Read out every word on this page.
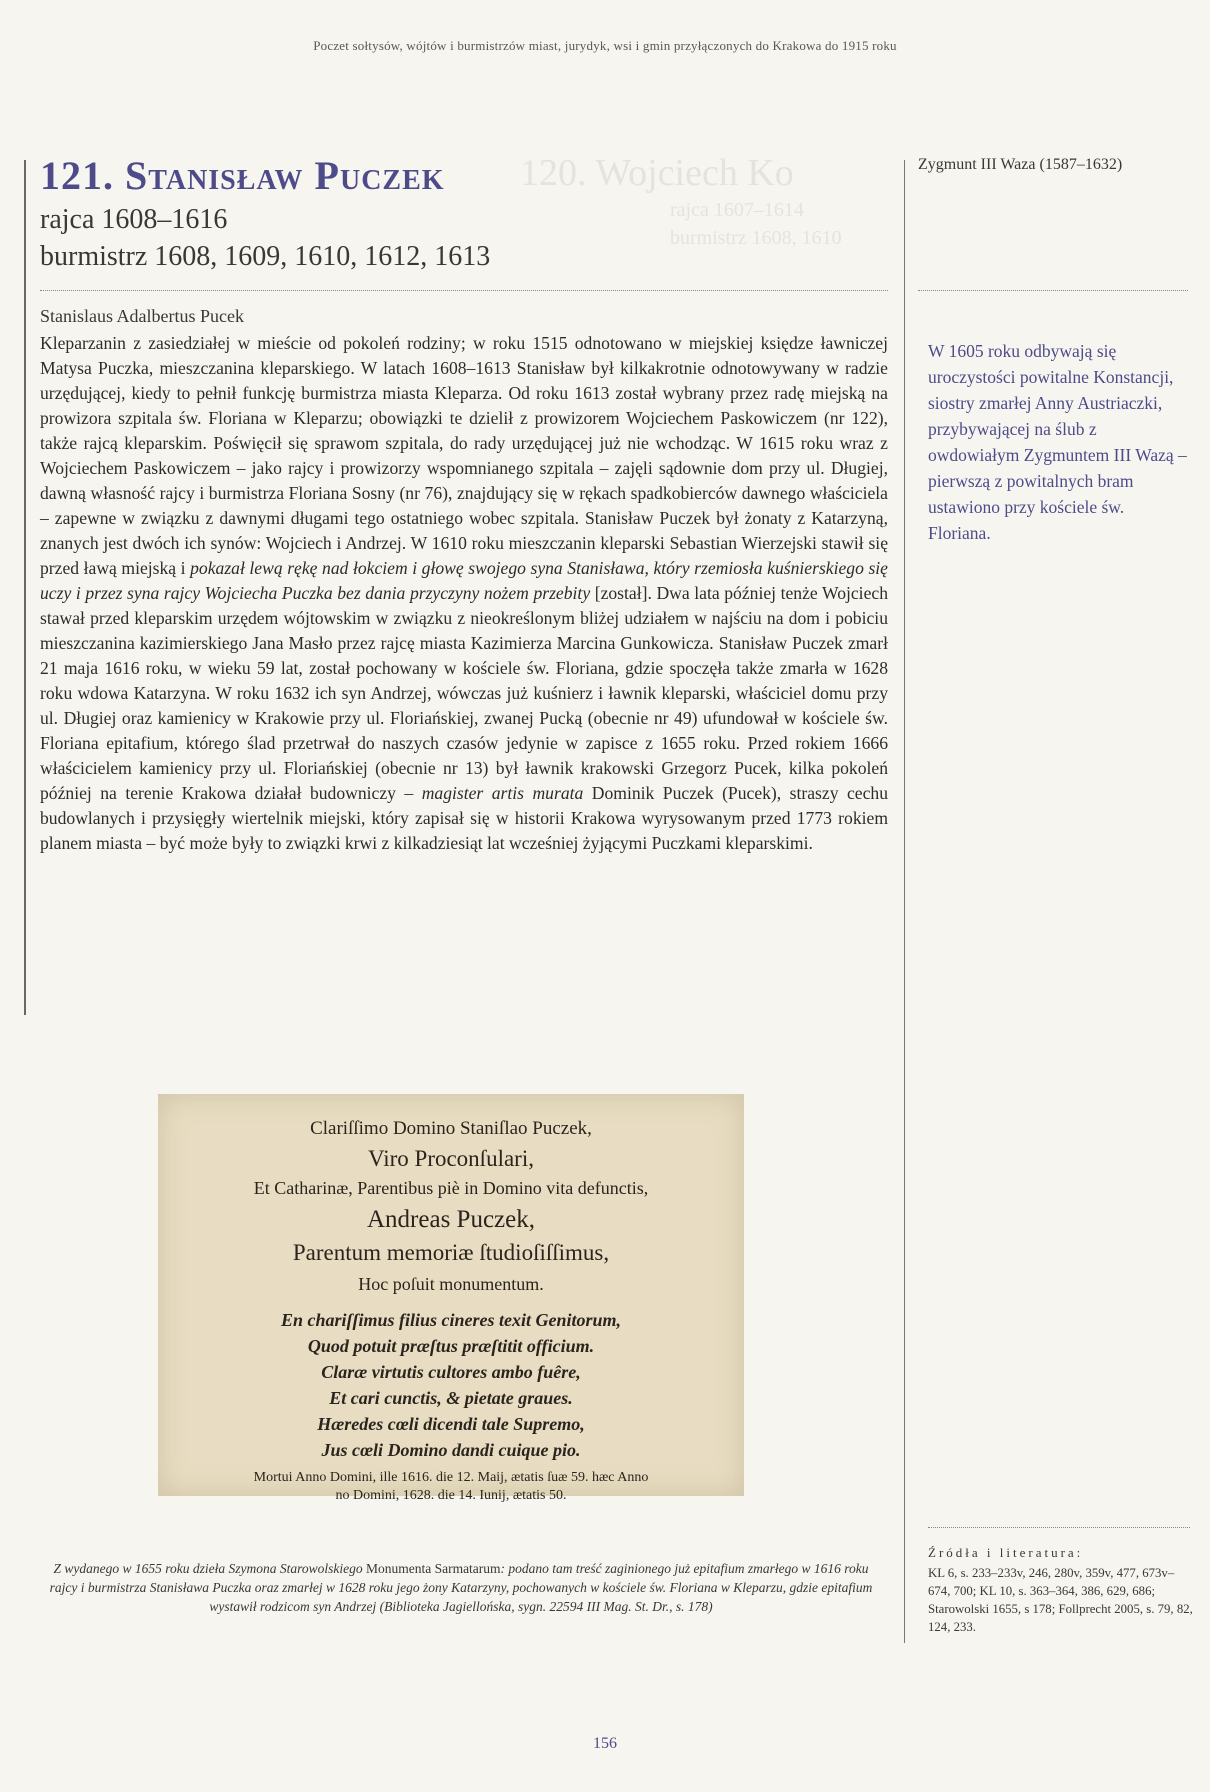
Poczet sołtysów, wójtów i burmistrzów miast, jurydyk, wsi i gmin przyłączonych do Krakowa do 1915 roku
120. Wojciech Ko
rajca 1607–1614
burmistrz 1608, 1610
121. Stanisław Puczek
rajca 1608–1616
burmistrz 1608, 1609, 1610, 1612, 1613
Stanislaus Adalbertus Pucek

Kleparzanin z zasiedziałej w mieście od pokoleń rodziny; w roku 1515 odnotowano w miejskiej księdze ławniczej Matysa Puczka, mieszczanina kleparskiego. W latach 1608–1613 Stanisław był kilkakrotnie odnotowywany w radzie urzędującej, kiedy to pełnił funkcję burmistrza miasta Kleparza. Od roku 1613 został wybrany przez radę miejską na prowizora szpitala św. Floriana w Kleparzu; obowiązki te dzielił z prowizorem Wojciechem Paskowiczem (nr 122), także rajcą kleparskim. Poświęcił się sprawom szpitala, do rady urzędującej już nie wchodząc. W 1615 roku wraz z Wojciechem Paskowiczem – jako rajcy i prowizorzy wspomnianego szpitala – zajęli sądownie dom przy ul. Długiej, dawną własność rajcy i burmistrza Floriana Sosny (nr 76), znajdujący się w rękach spadkobierców dawnego właściciela – zapewne w związku z dawnymi długami tego ostatniego wobec szpitala. Stanisław Puczek był żonaty z Katarzyną, znanych jest dwóch ich synów: Wojciech i Andrzej. W 1610 roku mieszczanin kleparski Sebastian Wierzejski stawił się przed ławą miejską i pokazał lewą rękę nad łokciem i głowę swojego syna Stanisława, który rzemiosła kuśnierskiego się uczy i przez syna rajcy Wojciecha Puczka bez dania przyczyny nożem przebity [został]. Dwa lata później tenże Wojciech stawał przed kleparskim urzędem wójtowskim w związku z nieokreślonym bliżej udziałem w najściu na dom i pobiciu mieszczanina kazimierskiego Jana Masło przez rajcę miasta Kazimierza Marcina Gunkowicza. Stanisław Puczek zmarł 21 maja 1616 roku, w wieku 59 lat, został pochowany w kościele św. Floriana, gdzie spoczęła także zmarła w 1628 roku wdowa Katarzyna. W roku 1632 ich syn Andrzej, wówczas już kuśnierz i ławnik kleparski, właściciel domu przy ul. Długiej oraz kamienicy w Krakowie przy ul. Floriańskiej, zwanej Pucką (obecnie nr 49) ufundował w kościele św. Floriana epitafium, którego ślad przetrwał do naszych czasów jedynie w zapisce z 1655 roku. Przed rokiem 1666 właścicielem kamienicy przy ul. Floriańskiej (obecnie nr 13) był ławnik krakowski Grzegorz Pucek, kilka pokoleń później na terenie Krakowa działał budowniczy – magister artis murata Dominik Puczek (Pucek), straszy cechu budowlanych i przysięgły wiertelnik miejski, który zapisał się w historii Krakowa wyrysowanym przed 1773 rokiem planem miasta – być może były to związki krwi z kilkadziesiąt lat wcześniej żyjącymi Puczkami kleparskimi.

Zygmunt III Waza (1587–1632)
W 1605 roku odbywają się uroczystości powitalne Konstancji, siostry zmarłej Anny Austriaczki, przybywającej na ślub z owdowiałym Zygmuntem III Wazą – pierwszą z powitalnych bram ustawiono przy kościele św. Floriana.
Clariſſimo Domino Staniſlao Puczek,
Viro Proconſulari,
Et Catharinæ, Parentibus piè in Domino vita defunctis,
Andreas Puczek,
Parentum memoriæ ſtudioſiſſimus,
Hoc poſuit monumentum.
En chariſſimus filius cineres texit Genitorum,
Quod potuit præſtus præſtitit officium.
Claræ virtutis cultores ambo fuêre,
Et cari cunctis, & pietate graues.
Hæredes cœli dicendi tale Supremo,
Jus cœli Domino dandi cuique pio.
Mortui Anno Domini, ille 1616. die 12. Maij, ætatis ſuæ 59. hæc Anno
no Domini, 1628. die 14. Iunij, ætatis 50.
Źródła i literatura:
KL 6, s. 233–233v, 246, 280v, 359v, 477, 673v–674, 700; KL 10, s. 363–364, 386, 629, 686; Starowolski 1655, s 178; Follprecht 2005, s. 79, 82, 124, 233.
Z wydanego w 1655 roku dzieła Szymona Starowolskiego Monumenta Sarmatarum: podano tam treść zaginionego już epitafium zmarłego w 1616 roku rajcy i burmistrza Stanisława Puczka oraz zmarłej w 1628 roku jego żony Katarzyny, pochowanych w kościele św. Floriana w Kleparzu, gdzie epitafium wystawił rodzicom syn Andrzej (Biblioteka Jagiellońska, sygn. 22594 III Mag. St. Dr., s. 178)
156
